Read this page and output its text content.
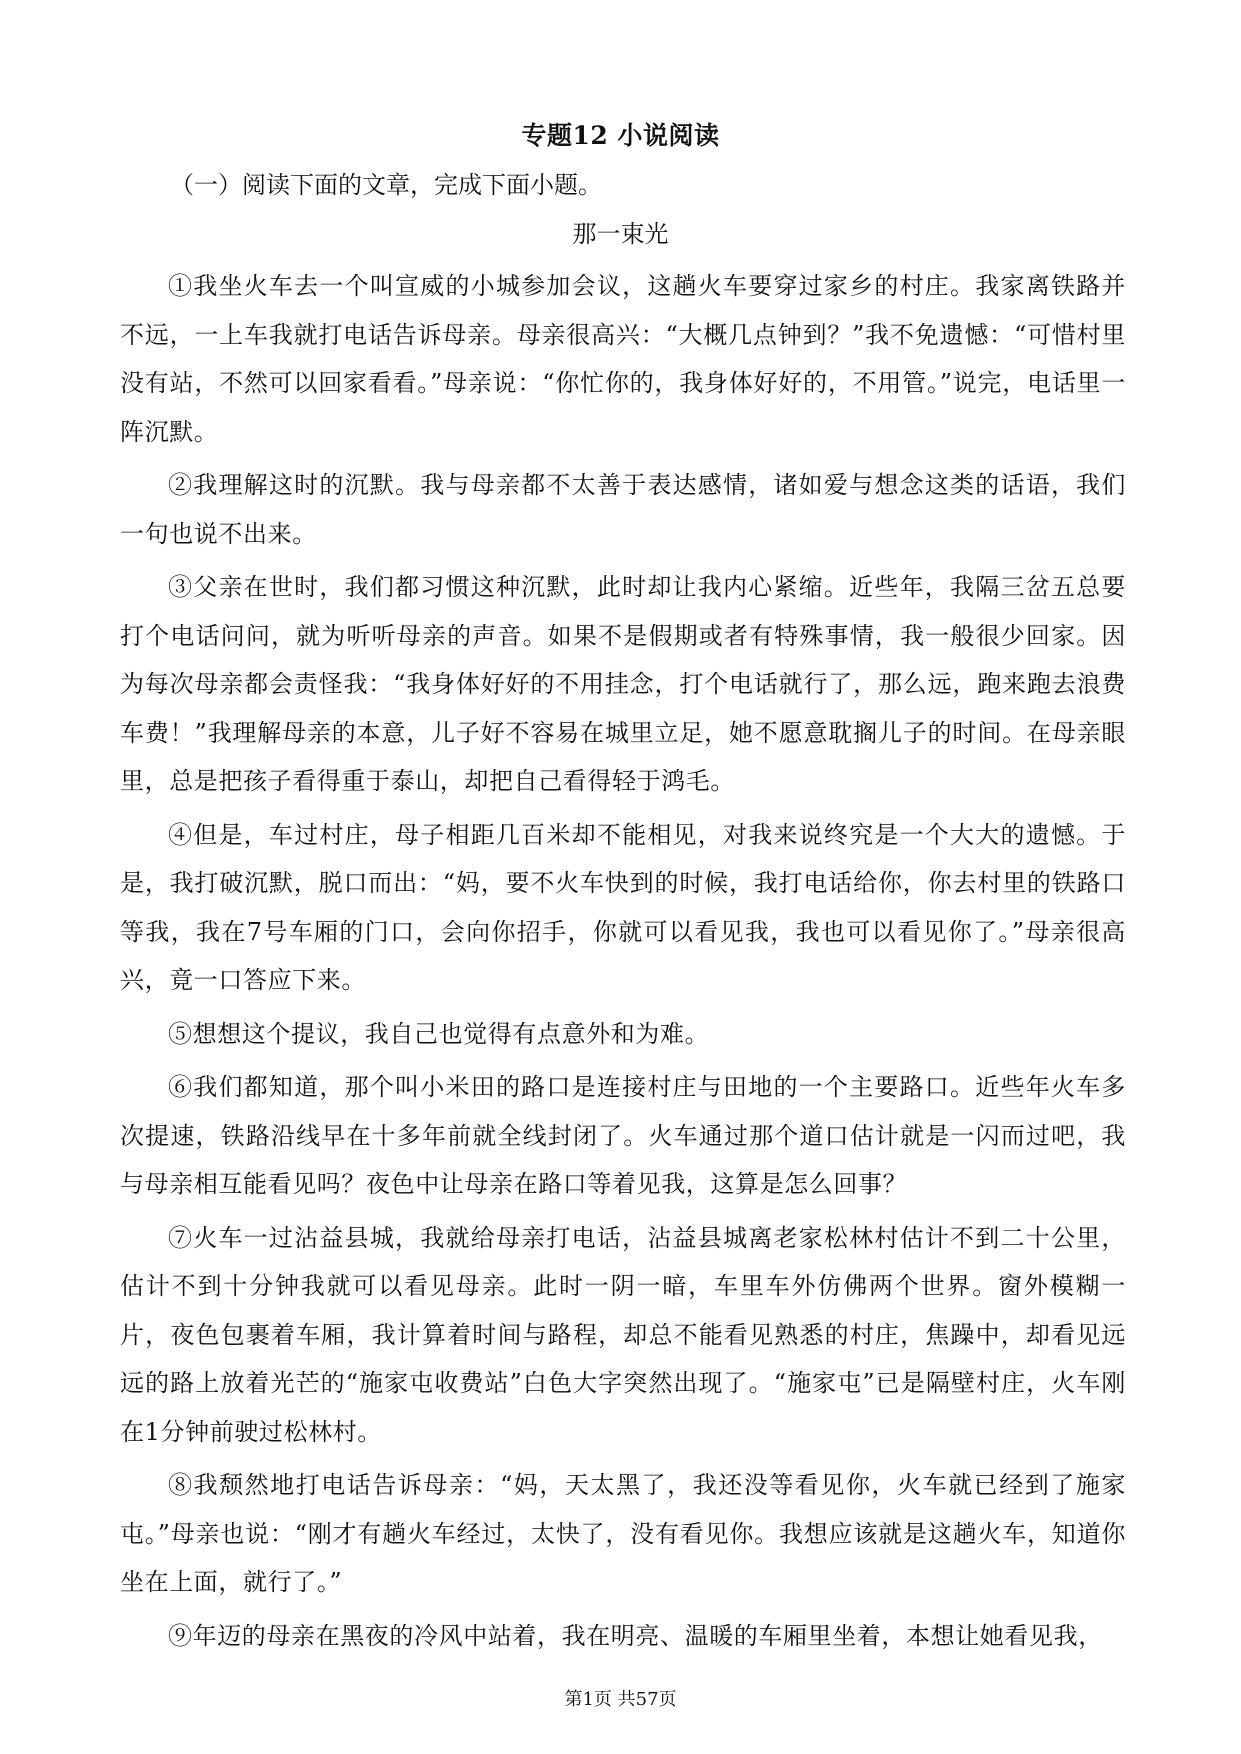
专题12 小说阅读
（一）阅读下面的文章，完成下面小题。
那一束光

①我坐火车去一个叫宣威的小城参加会议，这趟火车要穿过家乡的村庄。我家离铁路并不远，一上车我就打电话告诉母亲。母亲很高兴：“大概几点钟到？”我不免遗憾：“可惜村里没有站，不然可以回家看看。”母亲说：“你忙你的，我身体好好的，不用管。”说完，电话里一阵沉默。

②我理解这时的沉默。我与母亲都不太善于表达感情，诸如爱与想念这类的话语，我们一句也说不出来。

③父亲在世时，我们都习惯这种沉默，此时却让我内心紧缩。近些年，我隔三岔五总要打个电话问问，就为听听母亲的声音。如果不是假期或者有特殊事情，我一般很少回家。因为每次母亲都会责怪我：“我身体好好的不用挂念，打个电话就行了，那么远，跑来跑去浪费车费！”我理解母亲的本意，儿子好不容易在城里立足，她不愿意耽搁儿子的时间。在母亲眼里，总是把孩子看得重于泰山，却把自己看得轻于鸿毛。

④但是，车过村庄，母子相距几百米却不能相见，对我来说终究是一个大大的遗憾。于是，我打破沉默，脱口而出：“妈，要不火车快到的时候，我打电话给你，你去村里的铁路口等我，我在7号车厢的门口，会向你招手，你就可以看见我，我也可以看见你了。”母亲很高兴，竟一口答应下来。

⑤想想这个提议，我自己也觉得有点意外和为难。

⑥我们都知道，那个叫小米田的路口是连接村庄与田地的一个主要路口。近些年火车多次提速，铁路沿线早在十多年前就全线封闭了。火车通过那个道口估计就是一闪而过吧，我与母亲相互能看见吗？夜色中让母亲在路口等着见我，这算是怎么回事？

⑦火车一过沾益县城，我就给母亲打电话，沾益县城离老家松林村估计不到二十公里，估计不到十分钟我就可以看见母亲。此时一阴一暗，车里车外仿佛两个世界。窗外模糊一片，夜色包裹着车厢，我计算着时间与路程，却总不能看见熟悉的村庄，焦躁中，却看见远远的路上放着光芒的“施家屯收费站”白色大字突然出现了。“施家屯”已是隔壁村庄，火车刚在1分钟前驶过松林村。

⑧我颓然地打电话告诉母亲：“妈，天太黑了，我还没等看见你，火车就已经到了施家屯。”母亲也说：“刚才有趟火车经过，太快了，没有看见你。我想应该就是这趟火车，知道你坐在上面，就行了。”

⑨年迈的母亲在黑夜的冷风中站着，我在明亮、温暖的车厢里坐着，本想让她看见我，

第1页 共57页
